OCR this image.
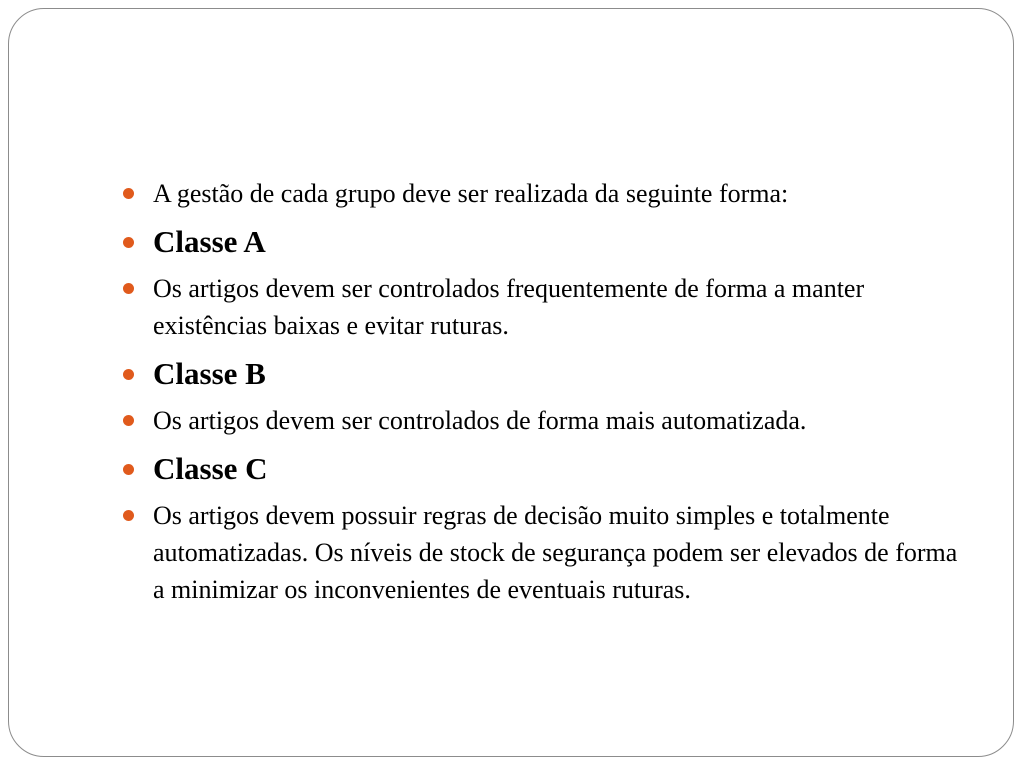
A gestão de cada grupo deve ser realizada da seguinte forma:
Classe A
Os artigos devem ser controlados frequentemente de forma a manter existências baixas e evitar ruturas.
Classe B
Os artigos devem ser controlados de forma mais automatizada.
Classe C
Os artigos devem possuir regras de decisão muito simples e totalmente automatizadas. Os níveis de stock de segurança podem ser elevados de forma a minimizar os inconvenientes de eventuais ruturas.
